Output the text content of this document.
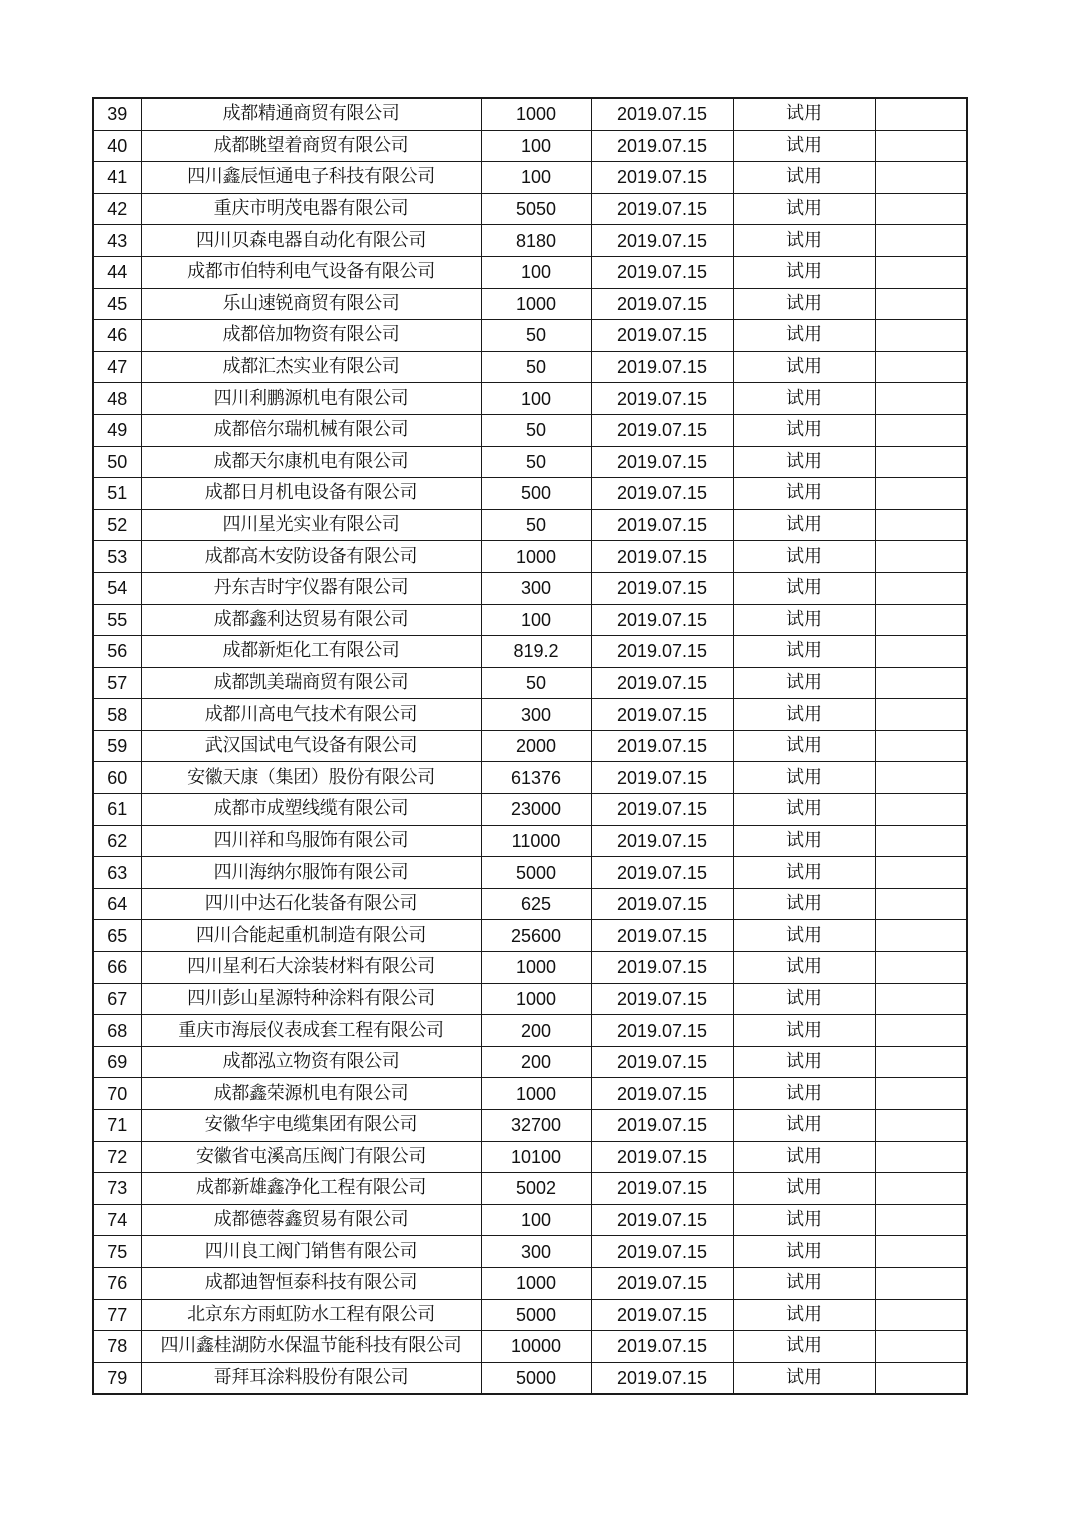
39	成都精通商贸有限公司	1000	2019.07.15	试用	
40	成都眺望着商贸有限公司	100	2019.07.15	试用	
41	四川鑫辰恒通电子科技有限公司	100	2019.07.15	试用	
42	重庆市明茂电器有限公司	5050	2019.07.15	试用	
43	四川贝森电器自动化有限公司	8180	2019.07.15	试用	
44	成都市伯特利电气设备有限公司	100	2019.07.15	试用	
45	乐山速锐商贸有限公司	1000	2019.07.15	试用	
46	成都倍加物资有限公司	50	2019.07.15	试用	
47	成都汇杰实业有限公司	50	2019.07.15	试用	
48	四川利鹏源机电有限公司	100	2019.07.15	试用	
49	成都倍尔瑞机械有限公司	50	2019.07.15	试用	
50	成都天尔康机电有限公司	50	2019.07.15	试用	
51	成都日月机电设备有限公司	500	2019.07.15	试用	
52	四川星光实业有限公司	50	2019.07.15	试用	
53	成都高木安防设备有限公司	1000	2019.07.15	试用	
54	丹东吉时宇仪器有限公司	300	2019.07.15	试用	
55	成都鑫利达贸易有限公司	100	2019.07.15	试用	
56	成都新炬化工有限公司	819.2	2019.07.15	试用	
57	成都凯美瑞商贸有限公司	50	2019.07.15	试用	
58	成都川高电气技术有限公司	300	2019.07.15	试用	
59	武汉国试电气设备有限公司	2000	2019.07.15	试用	
60	安徽天康（集团）股份有限公司	61376	2019.07.15	试用	
61	成都市成塑线缆有限公司	23000	2019.07.15	试用	
62	四川祥和鸟服饰有限公司	11000	2019.07.15	试用	
63	四川海纳尔服饰有限公司	5000	2019.07.15	试用	
64	四川中达石化装备有限公司	625	2019.07.15	试用	
65	四川合能起重机制造有限公司	25600	2019.07.15	试用	
66	四川星利石大涂装材料有限公司	1000	2019.07.15	试用	
67	四川彭山星源特种涂料有限公司	1000	2019.07.15	试用	
68	重庆市海辰仪表成套工程有限公司	200	2019.07.15	试用	
69	成都泓立物资有限公司	200	2019.07.15	试用	
70	成都鑫荣源机电有限公司	1000	2019.07.15	试用	
71	安徽华宇电缆集团有限公司	32700	2019.07.15	试用	
72	安徽省屯溪高压阀门有限公司	10100	2019.07.15	试用	
73	成都新雄鑫净化工程有限公司	5002	2019.07.15	试用	
74	成都德蓉鑫贸易有限公司	100	2019.07.15	试用	
75	四川良工阀门销售有限公司	300	2019.07.15	试用	
76	成都迪智恒泰科技有限公司	1000	2019.07.15	试用	
77	北京东方雨虹防水工程有限公司	5000	2019.07.15	试用	
78	四川鑫桂湖防水保温节能科技有限公司	10000	2019.07.15	试用	
79	哥拜耳涂料股份有限公司	5000	2019.07.15	试用	
